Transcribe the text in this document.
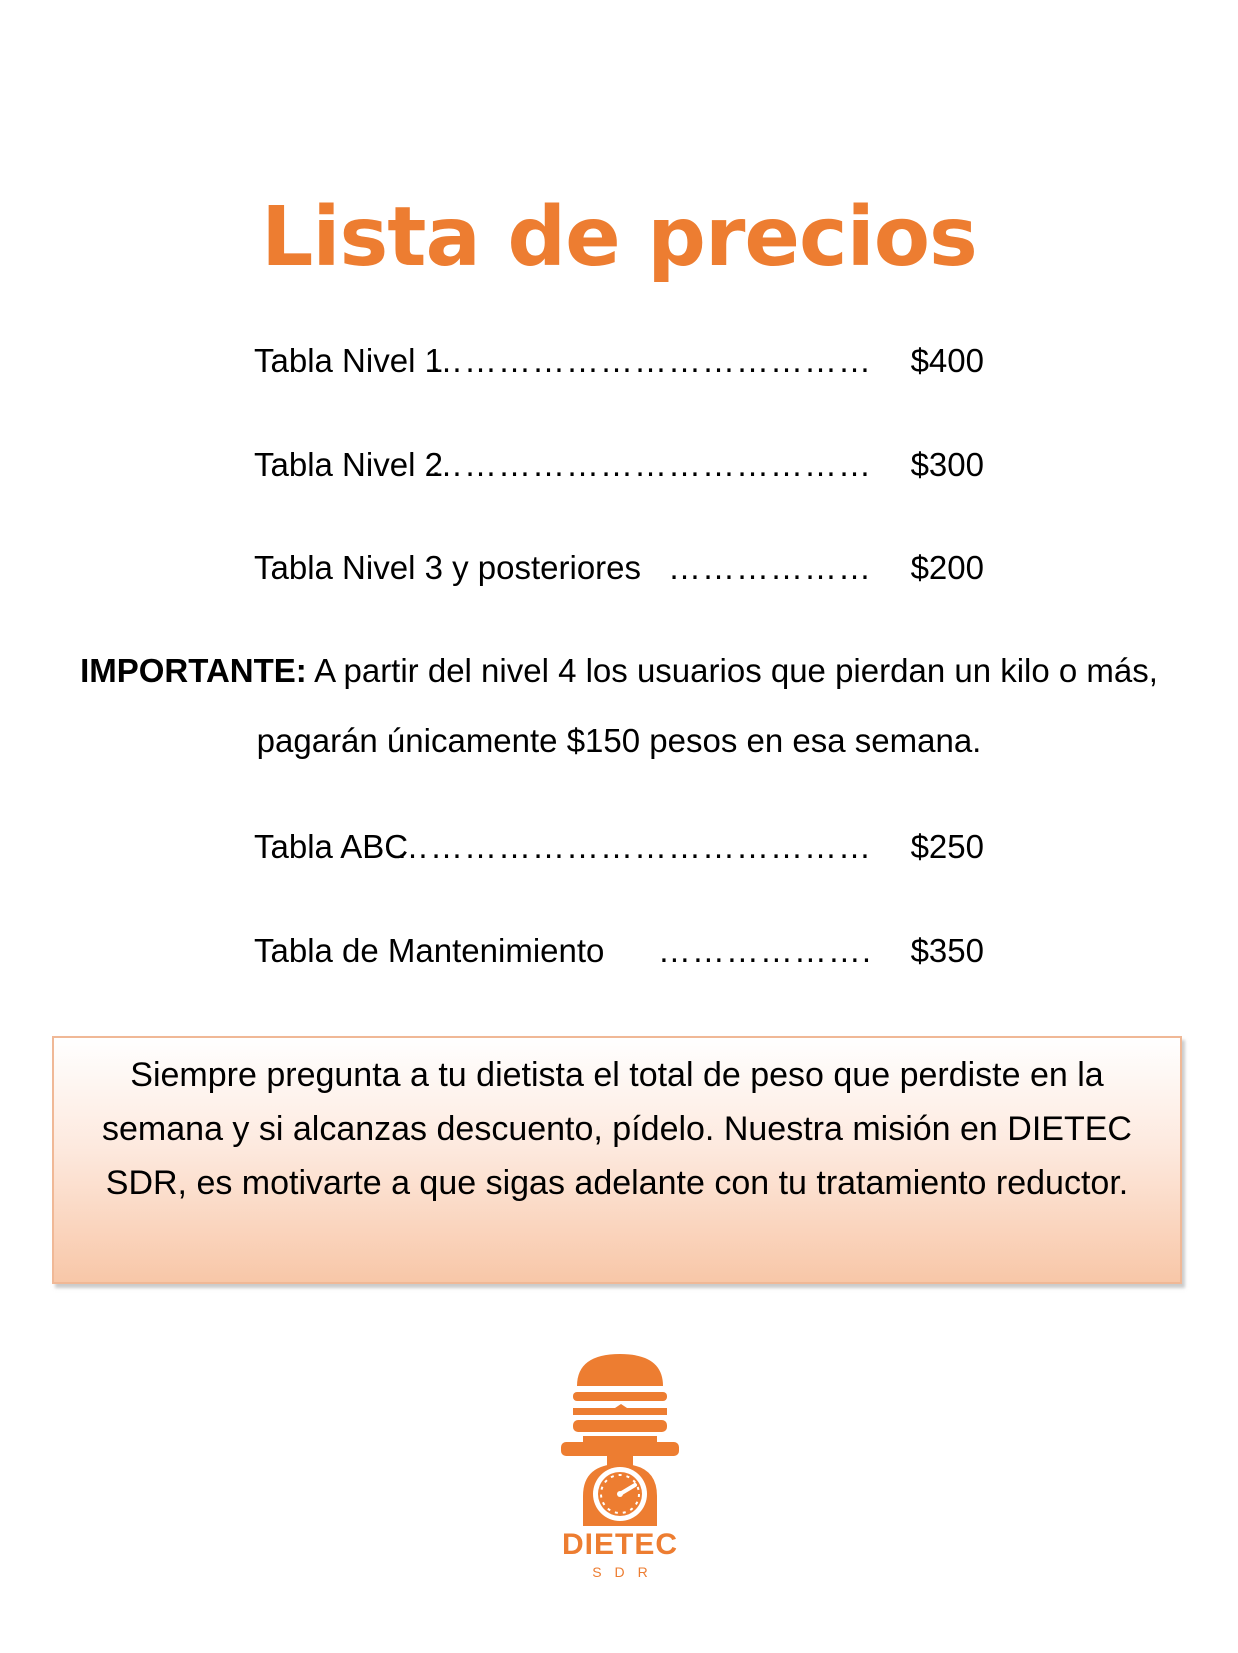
Lista de precios
Tabla Nivel 1
………………………………… $400
Tabla Nivel 2
………………………………… $300
Tabla Nivel 3 y posteriores ……………… $200
IMPORTANTE: A partir del nivel 4 los usuarios que pierdan un kilo o más, pagarán únicamente $150 pesos en esa semana.
Tabla ABC
…………………………………… $250
Tabla de Mantenimiento ………………. $350
Siempre pregunta a tu dietista el total de peso que perdiste en la semana y si alcanzas descuento, pídelo. Nuestra misión en DIETEC SDR, es motivarte a que sigas adelante con tu tratamiento reductor.
DIETEC
SDR
